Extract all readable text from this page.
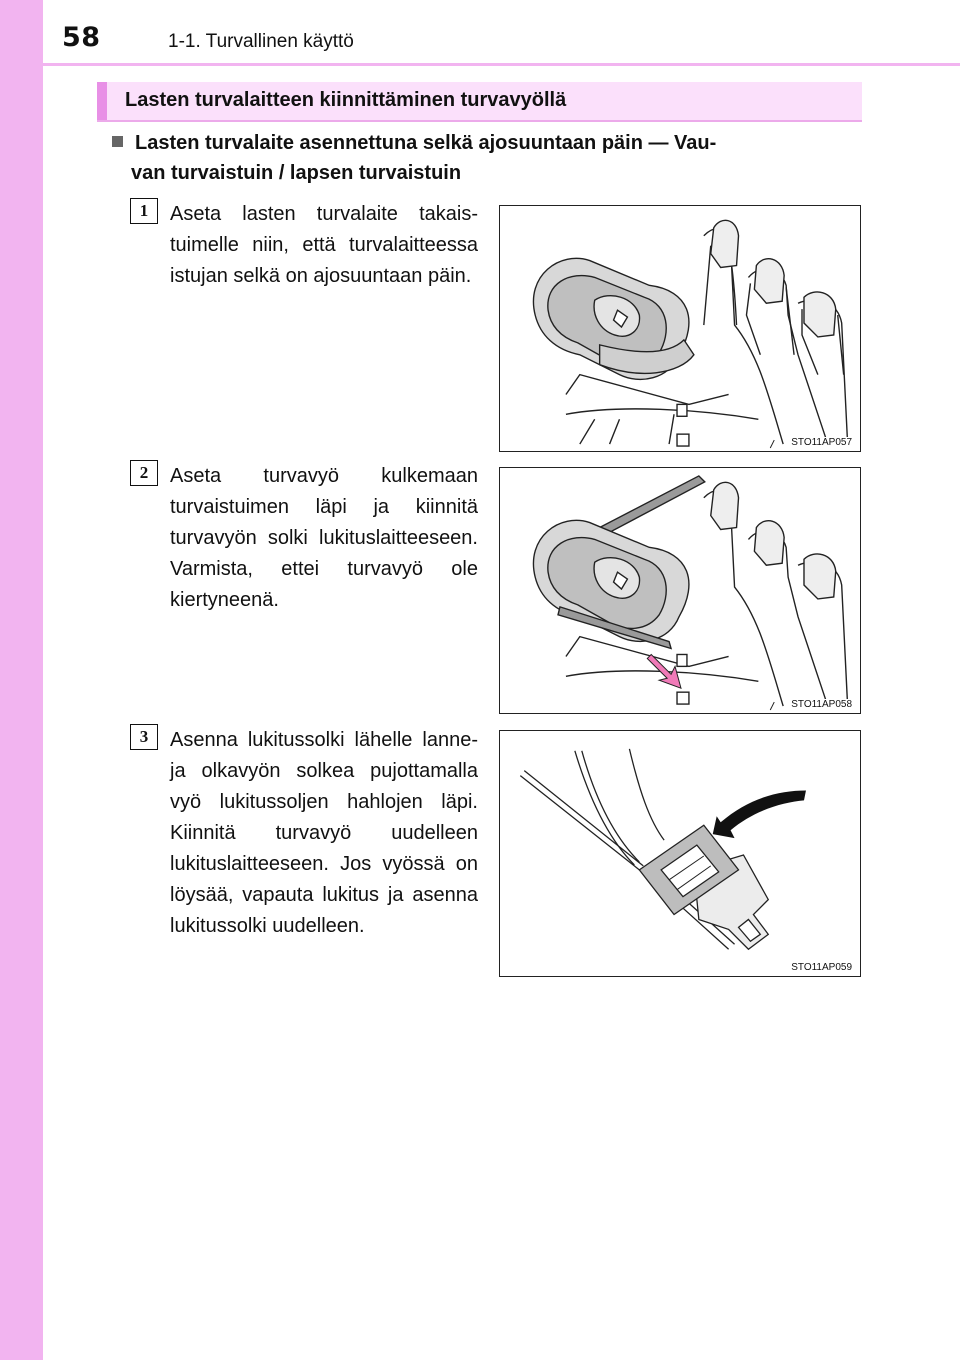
58	1-1. Turvallinen käyttö
Lasten turvalaitteen kiinnittäminen turvavyöllä
Lasten turvalaite asennettuna selkä ajosuuntaan päin — Vau-
van turvaistuin / lapsen turvaistuin
1	Aseta lasten turvalaite takaistuimelle niin, että turvalaitteessa istujan selkä on ajosuuntaan päin.
STO11AP057
2	Aseta turvavyö kulkemaan turvaistuimen läpi ja kiinnitä turvavyön solki lukituslaitteeseen. Varmista, ettei turvavyö ole kiertyneenä.
STO11AP058
3	Asenna lukitussolki lähelle lanne- ja olkavyön solkea pujottamalla vyö lukitussoljen hahlojen läpi. Kiinnitä turvavyö uudelleen lukituslaitteeseen. Jos vyössä on löysää, vapauta lukitus ja asenna lukitussolki uudelleen.
STO11AP059
